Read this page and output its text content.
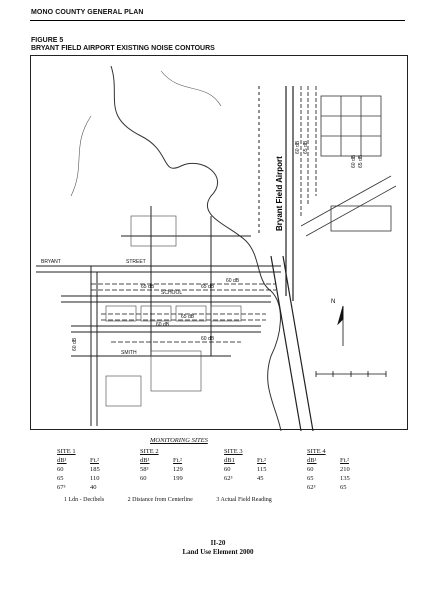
MONO COUNTY GENERAL PLAN
FIGURE 5
BRYANT FIELD AIRPORT EXISTING NOISE CONTOURS
N
Bryant Field Airport
60 dB 65 dB
60 dB 65 dB
65 dB
60 dB
65 dB
60 dB
60 dB
65 dB
60 dB
BRYANT	STREET
SCHOOL
SMITH
MONITORING SITES
SITE 1
dB¹	Ft.²
60	185
65	110
67³	40
SITE 2
dB¹	Ft.²
58³	129
60	199
SITE 3
dB1	Ft.²
60	115
62³	45
SITE 4
dB¹	Ft.²
60	210
65	135
62³	65
1 Ldn - Decibels	2 Distance from Centerline	3 Actual Field Reading
II-20
Land Use Element 2000
